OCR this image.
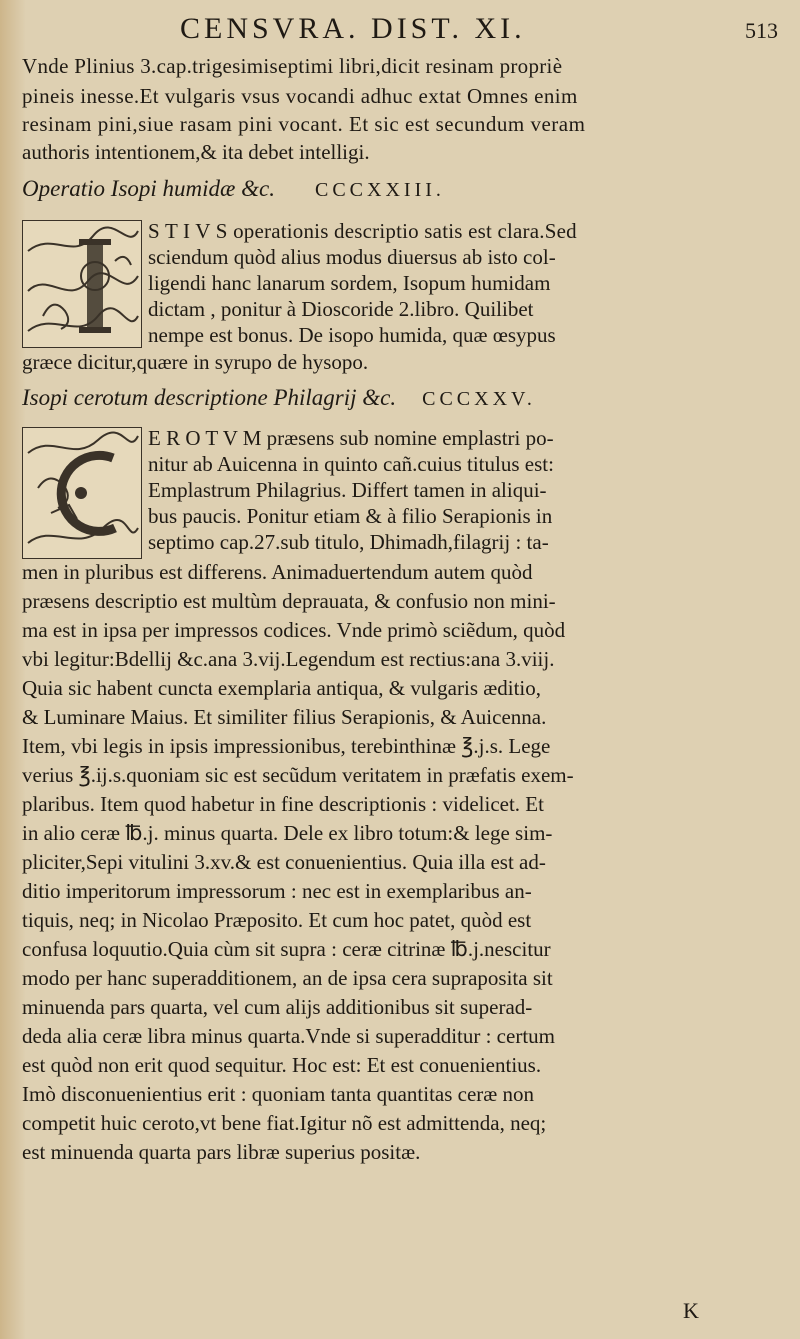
CENSVRA. DIST. XI.	513
Vnde Plinius 3.cap.trigesimiseptimi libri,dicit resinam propriè
pineis inesse.Et vulgaris vsus vocandi adhuc extat Omnes enim
resinam pini,siue rasam pini vocant. Et sic est secundum veram
authoris intentionem,& ita debet intelligi.
Operatio Isopi humidæ &c. CCCXXIII.
S T I V S operationis descriptio satis est clara.Sed
sciendum quòd alius modus diuersus ab isto col-
ligendi hanc lanarum sordem, Isopum humidam
dictam , ponitur à Dioscoride 2.libro. Quilibet
nempe est bonus. De isopo humida, quæ œsypus
græce dicitur,quære in syrupo de hysopo.
Isopi cerotum descriptione Philagrij &c. CCCXXV.
E R O T V M præsens sub nomine emplastri po-
nitur ab Auicenna in quinto cañ.cuius titulus est:
Emplastrum Philagrius. Differt tamen in aliqui-
bus paucis. Ponitur etiam & à filio Serapionis in
septimo cap.27.sub titulo, Dhimadh,filagrij : ta-
men in pluribus est differens. Animaduertendum autem quòd
præsens descriptio est multùm deprauata, & confusio non mini-
ma est in ipsa per impressos codices. Vnde primò sciẽdum, quòd
vbi legitur:Bdellij &c.ana 3.vij.Legendum est rectius:ana 3.viij.
Quia sic habent cuncta exemplaria antiqua, & vulgaris æditio,
& Luminare Maius. Et similiter filius Serapionis, & Auicenna.
Item, vbi legis in ipsis impressionibus, terebinthinæ ℥.j.s. Lege
verius ℥.ij.s.quoniam sic est secũdum veritatem in præfatis exem-
plaribus. Item quod habetur in fine descriptionis : videlicet. Et
in alio ceræ ℔.j. minus quarta. Dele ex libro totum:& lege sim-
pliciter,Sepi vitulini 3.xv.& est conuenientius. Quia illa est ad-
ditio imperitorum impressorum : nec est in exemplaribus an-
tiquis, neq; in Nicolao Præposito. Et cum hoc patet, quòd est
confusa loquutio.Quia cùm sit supra : ceræ citrinæ ℔.j.nescitur
modo per hanc superadditionem, an de ipsa cera supraposita sit
minuenda pars quarta, vel cum alijs additionibus sit superad-
deda alia ceræ libra minus quarta.Vnde si superadditur : certum
est quòd non erit quod sequitur. Hoc est: Et est conuenientius.
Imò disconuenientius erit : quoniam tanta quantitas ceræ non
competit huic ceroto,vt bene fiat.Igitur nõ est admittenda, neq;
est minuenda quarta pars libræ superius positæ.
K
